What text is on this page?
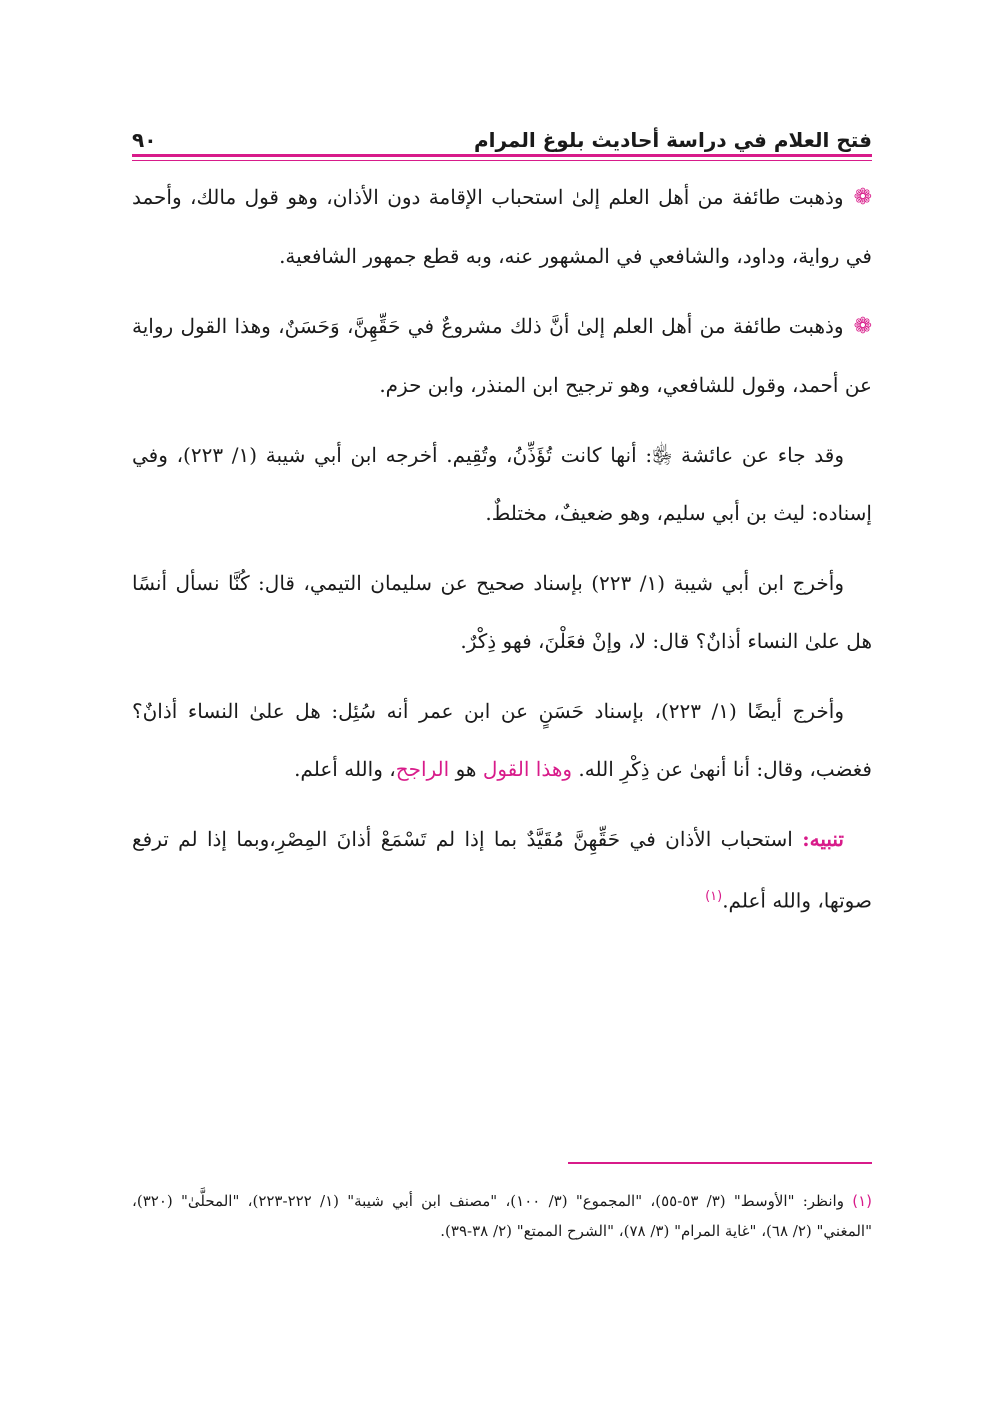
فتح العلام في دراسة أحاديث بلوغ المرام
٩٠

❁وذهبت طائفة من أهل العلم إلىٰ استحباب الإقامة دون الأذان، وهو قول مالك، وأحمد في رواية، وداود، والشافعي في المشهور عنه، وبه قطع جمهور الشافعية.

❁وذهبت طائفة من أهل العلم إلىٰ أنَّ ذلك مشروعٌ في حَقِّهِنَّ، وَحَسَنٌ، وهذا القول رواية عن أحمد، وقول للشافعي، وهو ترجيح ابن المنذر، وابن حزم.

وقد جاء عن عائشة ﵂: أنها كانت تُؤَذِّنُ، وتُقِيم. أخرجه ابن أبي شيبة (١/ ٢٢٣)، وفي إسناده: ليث بن أبي سليم، وهو ضعيفٌ، مختلطٌ.

وأخرج ابن أبي شيبة (١/ ٢٢٣) بإسناد صحيح عن سليمان التيمي، قال: كُنَّا نسأل أنسًا هل علىٰ النساء أذانٌ؟ قال: لا، وإنْ فعَلْنَ، فهو ذِكْرٌ.

وأخرج أيضًا (١/ ٢٢٣)، بإسناد حَسَنٍ عن ابن عمر أنه سُئِل: هل علىٰ النساء أذانٌ؟ فغضب، وقال: أنا أنهىٰ عن ذِكْرِ الله. وهذا القول هو الراجح، والله أعلم.

تنبيه: استحباب الأذان في حَقِّهِنَّ مُقَيَّدٌ بما إذا لم تَسْمَعْ أذانَ المِصْرِ،وبما إذا لم ترفع صوتها، والله أعلم.$^{(١)}$

(١) وانظر: "الأوسط" (٣/ ٥٣-٥٥)، "المجموع" (٣/ ١٠٠)، "مصنف ابن أبي شيبة" (١/ ٢٢٢-٢٢٣)، "المحلَّىٰ" (٣٢٠)، "المغني" (٢/ ٦٨)، "غاية المرام" (٣/ ٧٨)، "الشرح الممتع" (٢/ ٣٨-٣٩).
